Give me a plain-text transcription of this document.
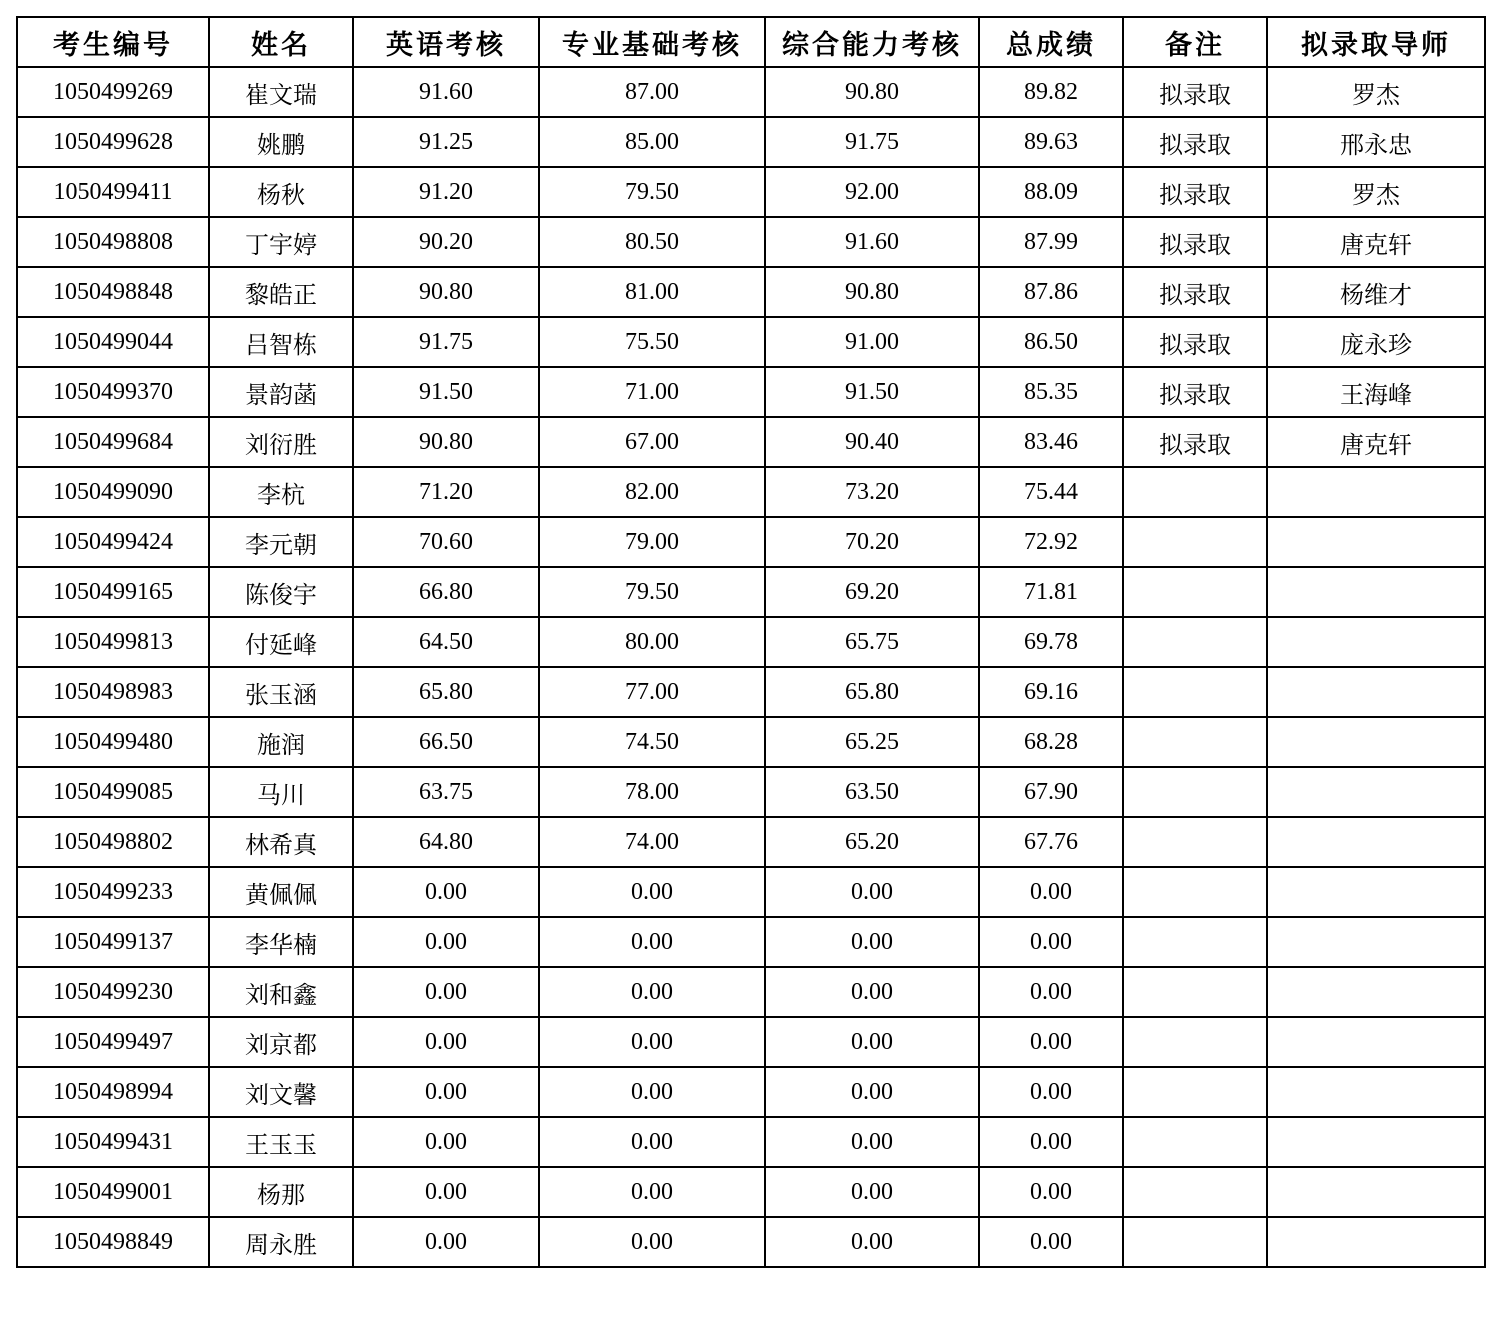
考生编号	姓名	英语考核	专业基础考核	综合能力考核	总成绩	备注	拟录取导师
1050499269	崔文瑞	91.60	87.00	90.80	89.82	拟录取	罗杰
1050499628	姚鹏	91.25	85.00	91.75	89.63	拟录取	邢永忠
1050499411	杨秋	91.20	79.50	92.00	88.09	拟录取	罗杰
1050498808	丁宇婷	90.20	80.50	91.60	87.99	拟录取	唐克轩
1050498848	黎皓正	90.80	81.00	90.80	87.86	拟录取	杨维才
1050499044	吕智栋	91.75	75.50	91.00	86.50	拟录取	庞永珍
1050499370	景韵菡	91.50	71.00	91.50	85.35	拟录取	王海峰
1050499684	刘衍胜	90.80	67.00	90.40	83.46	拟录取	唐克轩
1050499090	李杭	71.20	82.00	73.20	75.44		
1050499424	李元朝	70.60	79.00	70.20	72.92		
1050499165	陈俊宇	66.80	79.50	69.20	71.81		
1050499813	付延峰	64.50	80.00	65.75	69.78		
1050498983	张玉涵	65.80	77.00	65.80	69.16		
1050499480	施润	66.50	74.50	65.25	68.28		
1050499085	马川	63.75	78.00	63.50	67.90		
1050498802	林希真	64.80	74.00	65.20	67.76		
1050499233	黄佩佩	0.00	0.00	0.00	0.00		
1050499137	李华楠	0.00	0.00	0.00	0.00		
1050499230	刘和鑫	0.00	0.00	0.00	0.00		
1050499497	刘京都	0.00	0.00	0.00	0.00		
1050498994	刘文馨	0.00	0.00	0.00	0.00		
1050499431	王玉玉	0.00	0.00	0.00	0.00		
1050499001	杨那	0.00	0.00	0.00	0.00		
1050498849	周永胜	0.00	0.00	0.00	0.00		
